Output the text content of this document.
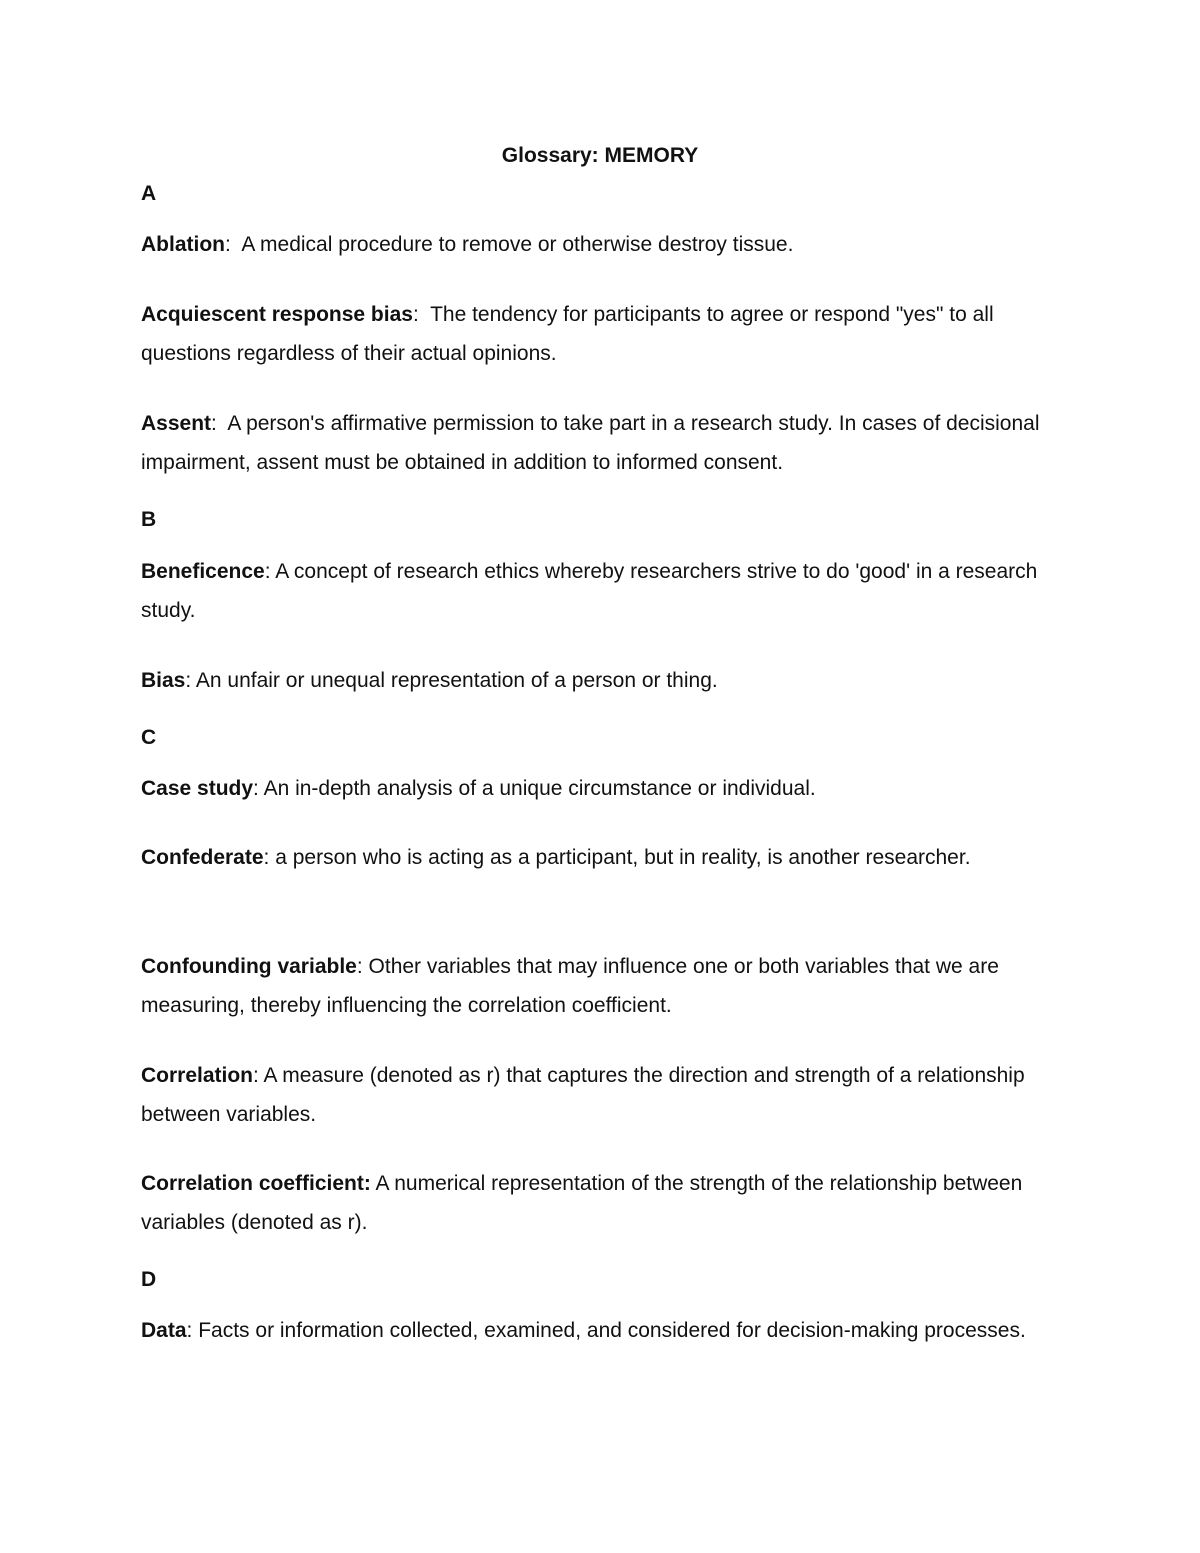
Glossary: MEMORY
A

Ablation:  A medical procedure to remove or otherwise destroy tissue.

Acquiescent response bias:  The tendency for participants to agree or respond "yes" to all questions regardless of their actual opinions.

Assent:  A person's affirmative permission to take part in a research study. In cases of decisional impairment, assent must be obtained in addition to informed consent.

B

Beneficence: A concept of research ethics whereby researchers strive to do 'good' in a research study.

Bias: An unfair or unequal representation of a person or thing.

C

Case study: An in-depth analysis of a unique circumstance or individual.

Confederate: a person who is acting as a participant, but in reality, is another researcher.

Confounding variable: Other variables that may influence one or both variables that we are measuring, thereby influencing the correlation coefficient.

Correlation: A measure (denoted as r) that captures the direction and strength of a relationship between variables.

Correlation coefficient: A numerical representation of the strength of the relationship between variables (denoted as r).

D

Data: Facts or information collected, examined, and considered for decision-making processes.
